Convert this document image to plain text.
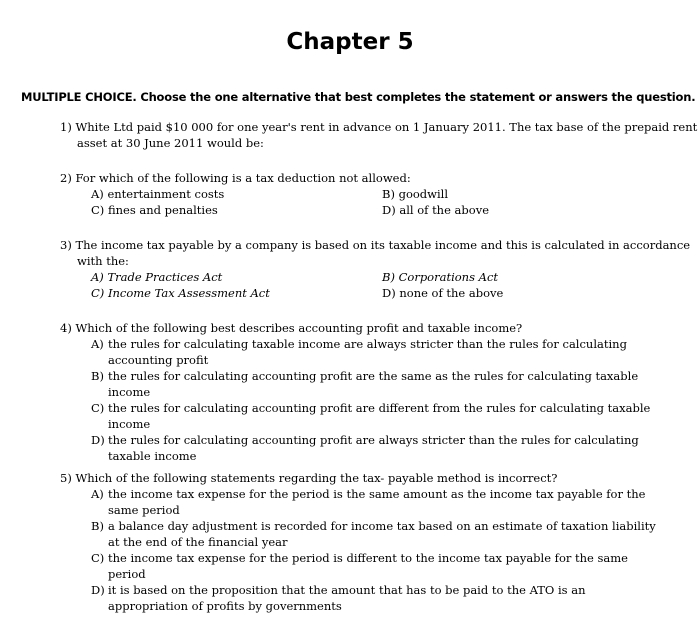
Chapter 5
MULTIPLE CHOICE. Choose the one alternative that best completes the statement or answers the question.
1) White Ltd paid $10 000 for one year's rent in advance on 1 January 2011. The tax base of the prepaid rent
asset at 30 June 2011 would be:
2) For which of the following is a tax deduction not allowed:
A) entertainment costs	B) goodwill
C) fines and penalties	D) all of the above
3) The income tax payable by a company is based on its taxable income and this is calculated in accordance
with the:
A) Trade Practices Act	B) Corporations Act
C) Income Tax Assessment Act	D) none of the above
4) Which of the following best describes accounting profit and taxable income?
A) the rules for calculating taxable income are always stricter than the rules for calculating
accounting profit
B) the rules for calculating accounting profit are the same as the rules for calculating taxable
income
C) the rules for calculating accounting profit are different from the rules for calculating taxable
income
D) the rules for calculating accounting profit are always stricter than the rules for calculating
taxable income
5) Which of the following statements regarding the tax- payable method is incorrect?
A) the income tax expense for the period is the same amount as the income tax payable for the
same period
B) a balance day adjustment is recorded for income tax based on an estimate of taxation liability
at the end of the financial year
C) the income tax expense for the period is different to the income tax payable for the same
period
D) it is based on the proposition that the amount that has to be paid to the ATO is an
appropriation of profits by governments
